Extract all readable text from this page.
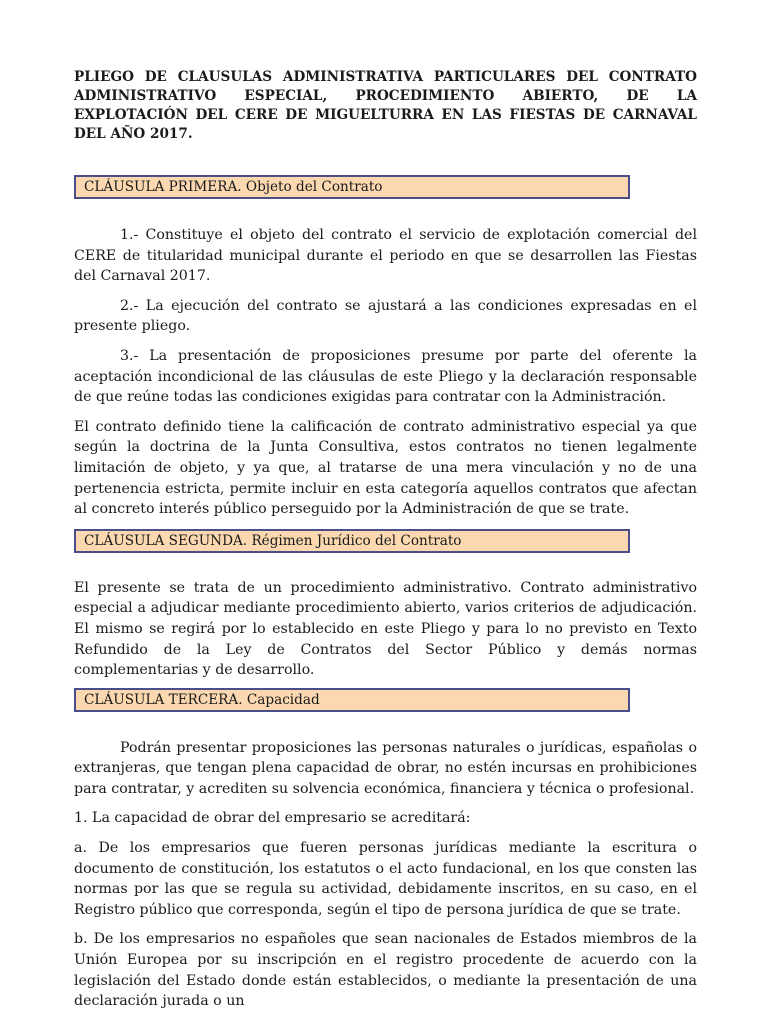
PLIEGO DE CLAUSULAS ADMINISTRATIVA PARTICULARES DEL CONTRATO ADMINISTRATIVO ESPECIAL, PROCEDIMIENTO ABIERTO, DE LA EXPLOTACIÓN DEL CERE DE MIGUELTURRA EN LAS FIESTAS DE CARNAVAL DEL AÑO 2017.
CLÁUSULA PRIMERA. Objeto del Contrato

1.- Constituye el objeto del contrato el servicio de explotación comercial del CERE de titularidad municipal durante el periodo en que se desarrollen las Fiestas del Carnaval 2017.

2.- La ejecución del contrato se ajustará a las condiciones expresadas en el presente pliego.

3.- La presentación de proposiciones presume por parte del oferente la aceptación incondicional de las cláusulas de este Pliego y la declaración responsable de que reúne todas las condiciones exigidas para contratar con la Administración.

El contrato definido tiene la calificación de contrato administrativo especial ya que según la doctrina de la Junta Consultiva, estos contratos no tienen legalmente limitación de objeto, y ya que, al tratarse de una mera vinculación y no de una pertenencia estricta, permite incluir en esta categoría aquellos contratos que afectan al concreto interés público perseguido por la Administración de que se trate.

CLÁUSULA SEGUNDA. Régimen Jurídico del Contrato

El presente se trata de un procedimiento administrativo. Contrato administrativo especial a adjudicar mediante procedimiento abierto, varios criterios de adjudicación. El mismo se regirá por lo establecido en este Pliego y para lo no previsto en Texto Refundido de la Ley de Contratos del Sector Público y demás normas complementarias y de desarrollo.

CLÁUSULA TERCERA. Capacidad

Podrán presentar proposiciones las personas naturales o jurídicas, españolas o extranjeras, que tengan plena capacidad de obrar, no estén incursas en prohibiciones para contratar, y acrediten su solvencia económica, financiera y técnica o profesional.

1. La capacidad de obrar del empresario se acreditará:

a. De los empresarios que fueren personas jurídicas mediante la escritura o documento de constitución, los estatutos o el acto fundacional, en los que consten las normas por las que se regula su actividad, debidamente inscritos, en su caso, en el Registro público que corresponda, según el tipo de persona jurídica de que se trate.

b. De los empresarios no españoles que sean nacionales de Estados miembros de la Unión Europea por su inscripción en el registro procedente de acuerdo con la legislación del Estado donde están establecidos, o mediante la presentación de una declaración jurada o un
